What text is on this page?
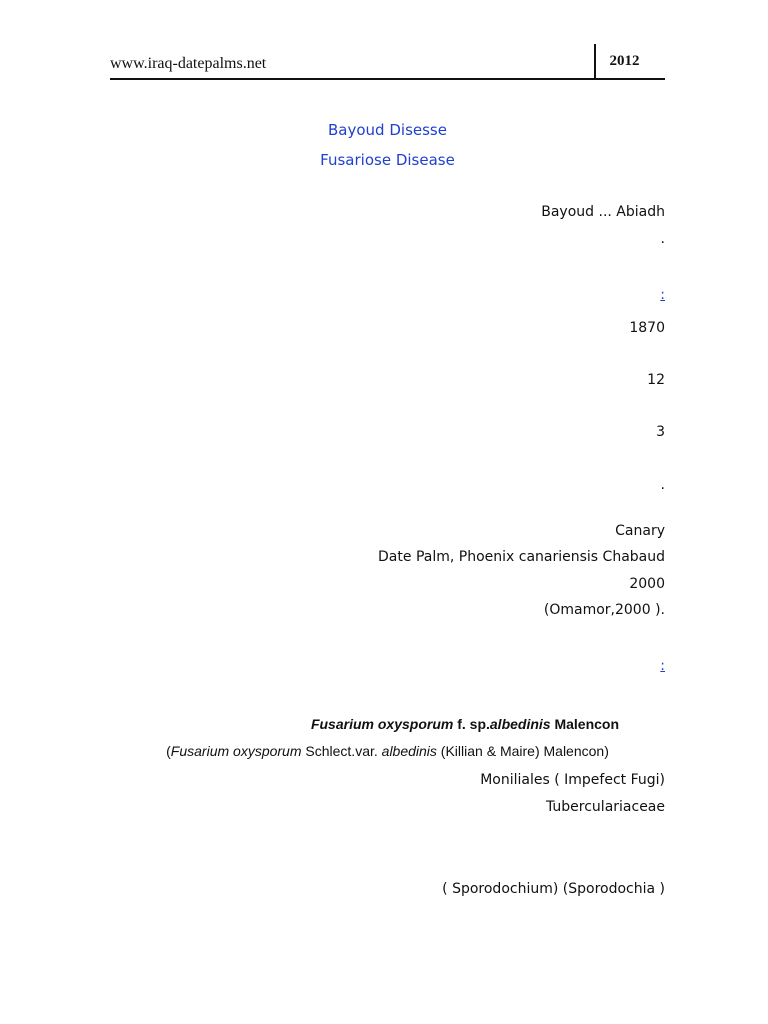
www.iraq-datepalms.net	2012
Bayoud Disesse
Fusariose Disease
Bayoud ... Abiadh
.
:
1870
12
3
.
Canary
Date Palm, Phoenix canariensis Chabaud
2000
.( Omamor,2000)
:
Fusarium oxysporum f. sp.albedinis Malencon
(Fusarium oxysporum Schlect.var. albedinis (Killian & Maire) Malencon)
Moniliales ( Impefect Fugi)
Tuberculariaceae
( Sporodochia) (Sporodochium )
